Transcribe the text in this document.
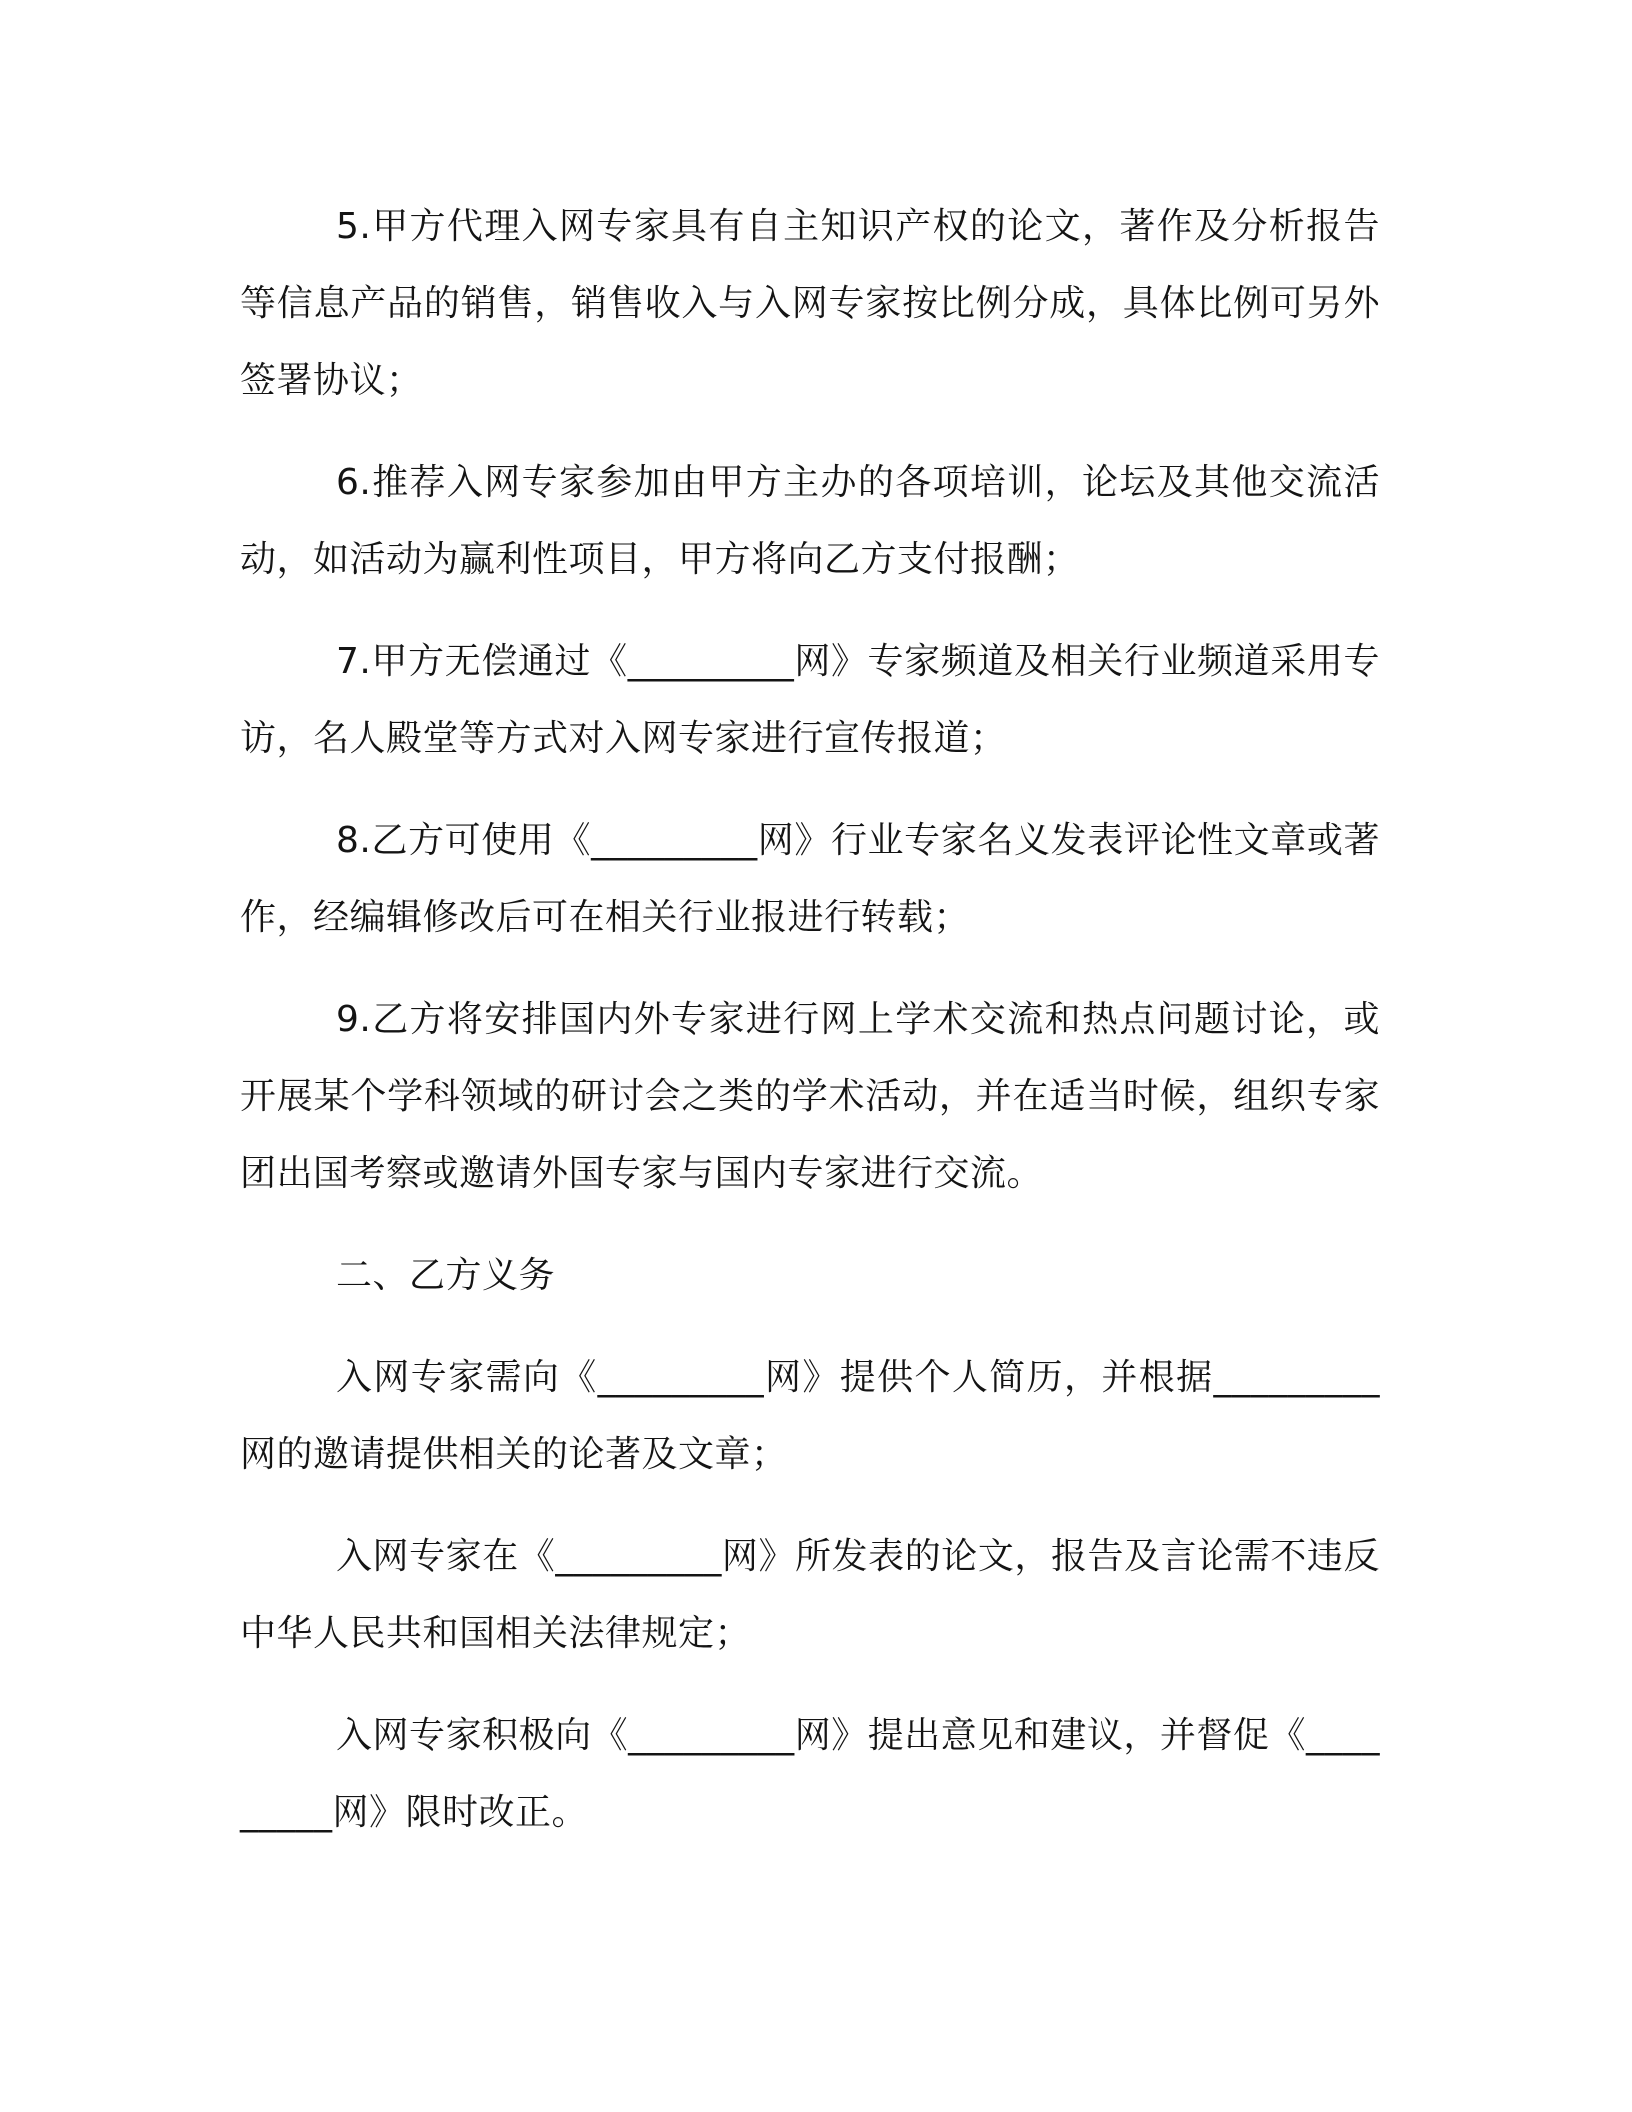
5.甲方代理入网专家具有自主知识产权的论文，著作及分析报告等信息产品的销售，销售收入与入网专家按比例分成，具体比例可另外签署协议；

6.推荐入网专家参加由甲方主办的各项培训，论坛及其他交流活动，如活动为赢利性项目，甲方将向乙方支付报酬；

7.甲方无偿通过《_________网》专家频道及相关行业频道采用专访，名人殿堂等方式对入网专家进行宣传报道；

8.乙方可使用《_________网》行业专家名义发表评论性文章或著作，经编辑修改后可在相关行业报进行转载；

9.乙方将安排国内外专家进行网上学术交流和热点问题讨论，或开展某个学科领域的研讨会之类的学术活动，并在适当时候，组织专家团出国考察或邀请外国专家与国内专家进行交流。

二、乙方义务

入网专家需向《_________网》提供个人简历，并根据_________网的邀请提供相关的论著及文章；

入网专家在《_________网》所发表的论文，报告及言论需不违反中华人民共和国相关法律规定；

入网专家积极向《_________网》提出意见和建议，并督促《_________网》限时改正。
